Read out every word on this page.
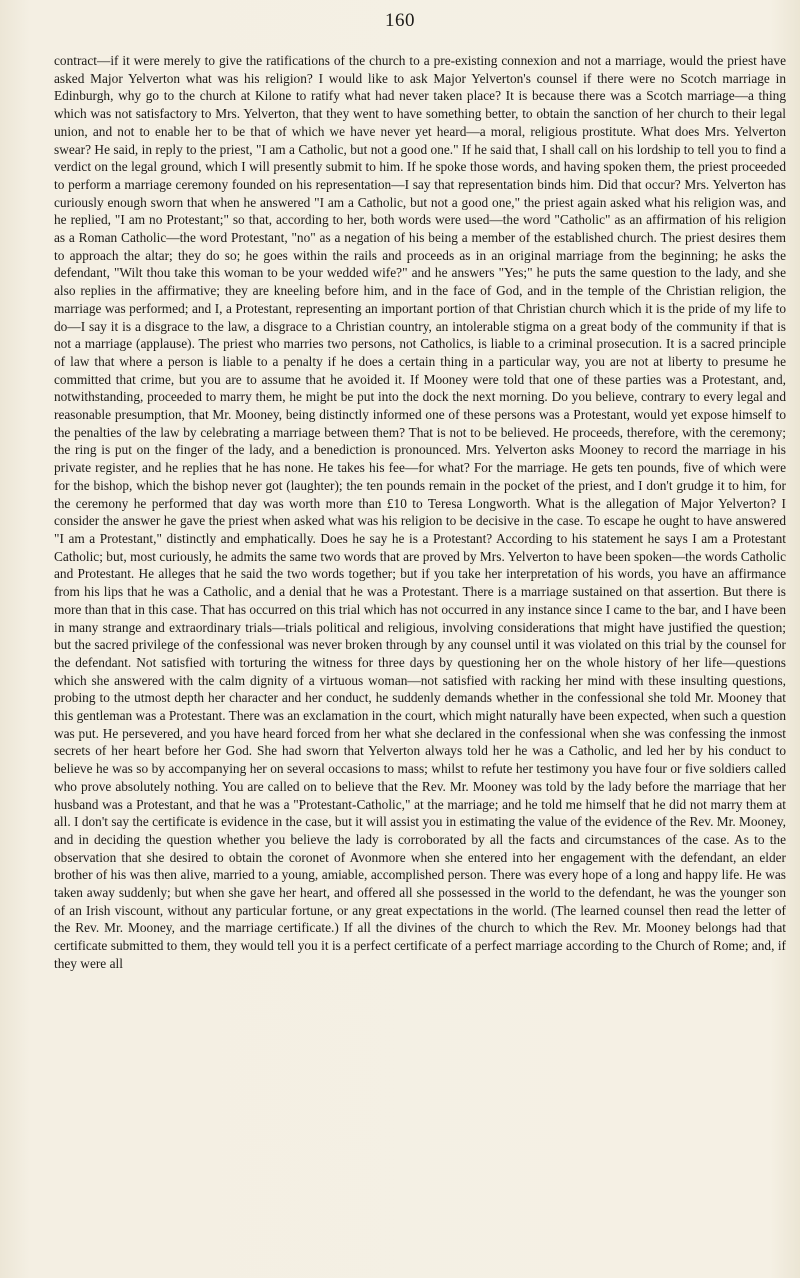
160

contract—if it were merely to give the ratifications of the church to a pre-existing connexion and not a marriage, would the priest have asked Major Yelverton what was his religion? I would like to ask Major Yelverton's counsel if there were no Scotch marriage in Edinburgh, why go to the church at Kilone to ratify what had never taken place? It is because there was a Scotch marriage—a thing which was not satisfactory to Mrs. Yelverton, that they went to have something better, to obtain the sanction of her church to their legal union, and not to enable her to be that of which we have never yet heard—a moral, religious prostitute. What does Mrs. Yelverton swear? He said, in reply to the priest, "I am a Catholic, but not a good one." If he said that, I shall call on his lordship to tell you to find a verdict on the legal ground, which I will presently submit to him. If he spoke those words, and having spoken them, the priest proceeded to perform a marriage ceremony founded on his representation—I say that representation binds him. Did that occur? Mrs. Yelverton has curiously enough sworn that when he answered "I am a Catholic, but not a good one," the priest again asked what his religion was, and he replied, "I am no Protestant;" so that, according to her, both words were used—the word "Catholic" as an affirmation of his religion as a Roman Catholic—the word Protestant, "no" as a negation of his being a member of the established church. The priest desires them to approach the altar; they do so; he goes within the rails and proceeds as in an original marriage from the beginning; he asks the defendant, "Wilt thou take this woman to be your wedded wife?" and he answers "Yes;" he puts the same question to the lady, and she also replies in the affirmative; they are kneeling before him, and in the face of God, and in the temple of the Christian religion, the marriage was performed; and I, a Protestant, representing an important portion of that Christian church which it is the pride of my life to do—I say it is a disgrace to the law, a disgrace to a Christian country, an intolerable stigma on a great body of the community if that is not a marriage (applause). The priest who marries two persons, not Catholics, is liable to a criminal prosecution. It is a sacred principle of law that where a person is liable to a penalty if he does a certain thing in a particular way, you are not at liberty to presume he committed that crime, but you are to assume that he avoided it. If Mooney were told that one of these parties was a Protestant, and, notwithstanding, proceeded to marry them, he might be put into the dock the next morning. Do you believe, contrary to every legal and reasonable presumption, that Mr. Mooney, being distinctly informed one of these persons was a Protestant, would yet expose himself to the penalties of the law by celebrating a marriage between them? That is not to be believed. He proceeds, therefore, with the ceremony; the ring is put on the finger of the lady, and a benediction is pronounced. Mrs. Yelverton asks Mooney to record the marriage in his private register, and he replies that he has none. He takes his fee—for what? For the marriage. He gets ten pounds, five of which were for the bishop, which the bishop never got (laughter); the ten pounds remain in the pocket of the priest, and I don't grudge it to him, for the ceremony he performed that day was worth more than £10 to Teresa Longworth. What is the allegation of Major Yelverton? I consider the answer he gave the priest when asked what was his religion to be decisive in the case. To escape he ought to have answered "I am a Protestant," distinctly and emphatically. Does he say he is a Protestant? According to his statement he says I am a Protestant Catholic; but, most curiously, he admits the same two words that are proved by Mrs. Yelverton to have been spoken—the words Catholic and Protestant. He alleges that he said the two words together; but if you take her interpretation of his words, you have an affirmance from his lips that he was a Catholic, and a denial that he was a Protestant. There is a marriage sustained on that assertion. But there is more than that in this case. That has occurred on this trial which has not occurred in any instance since I came to the bar, and I have been in many strange and extraordinary trials—trials political and religious, involving considerations that might have justified the question; but the sacred privilege of the confessional was never broken through by any counsel until it was violated on this trial by the counsel for the defendant. Not satisfied with torturing the witness for three days by questioning her on the whole history of her life—questions which she answered with the calm dignity of a virtuous woman—not satisfied with racking her mind with these insulting questions, probing to the utmost depth her character and her conduct, he suddenly demands whether in the confessional she told Mr. Mooney that this gentleman was a Protestant. There was an exclamation in the court, which might naturally have been expected, when such a question was put. He persevered, and you have heard forced from her what she declared in the confessional when she was confessing the inmost secrets of her heart before her God. She had sworn that Yelverton always told her he was a Catholic, and led her by his conduct to believe he was so by accompanying her on several occasions to mass; whilst to refute her testimony you have four or five soldiers called who prove absolutely nothing. You are called on to believe that the Rev. Mr. Mooney was told by the lady before the marriage that her husband was a Protestant, and that he was a "Protestant-Catholic," at the marriage; and he told me himself that he did not marry them at all. I don't say the certificate is evidence in the case, but it will assist you in estimating the value of the evidence of the Rev. Mr. Mooney, and in deciding the question whether you believe the lady is corroborated by all the facts and circumstances of the case. As to the observation that she desired to obtain the coronet of Avonmore when she entered into her engagement with the defendant, an elder brother of his was then alive, married to a young, amiable, accomplished person. There was every hope of a long and happy life. He was taken away suddenly; but when she gave her heart, and offered all she possessed in the world to the defendant, he was the younger son of an Irish viscount, without any particular fortune, or any great expectations in the world. (The learned counsel then read the letter of the Rev. Mr. Mooney, and the marriage certificate.) If all the divines of the church to which the Rev. Mr. Mooney belongs had that certificate submitted to them, they would tell you it is a perfect certificate of a perfect marriage according to the Church of Rome; and, if they were all
